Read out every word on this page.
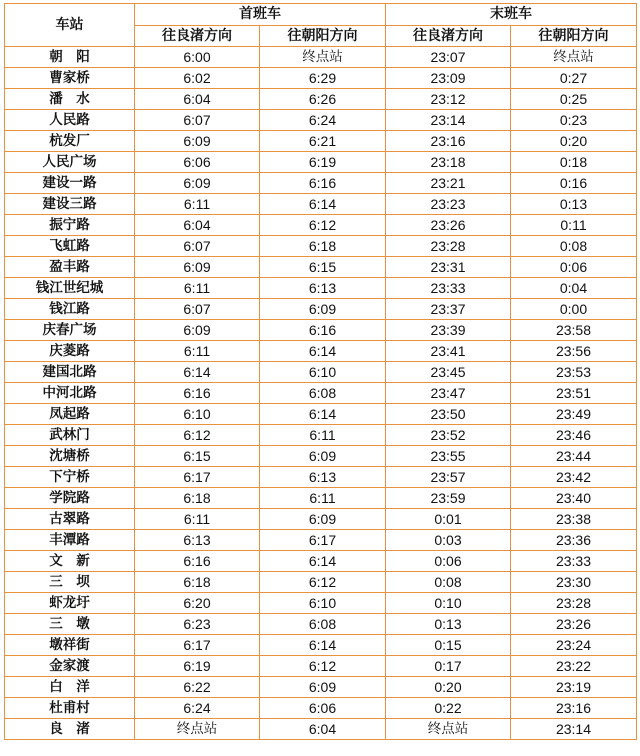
车站	首班车		末班车	
	往良渚方向	往朝阳方向	往良渚方向	往朝阳方向
朝　阳	6:00	终点站	23:07	终点站
曹家桥	6:02	6:29	23:09	0:27
潘　水	6:04	6:26	23:12	0:25
人民路	6:07	6:24	23:14	0:23
杭发厂	6:09	6:21	23:16	0:20
人民广场	6:06	6:19	23:18	0:18
建设一路	6:09	6:16	23:21	0:16
建设三路	6:11	6:14	23:23	0:13
振宁路	6:04	6:12	23:26	0:11
飞虹路	6:07	6:18	23:28	0:08
盈丰路	6:09	6:15	23:31	0:06
钱江世纪城	6:11	6:13	23:33	0:04
钱江路	6:07	6:09	23:37	0:00
庆春广场	6:09	6:16	23:39	23:58
庆菱路	6:11	6:14	23:41	23:56
建国北路	6:14	6:10	23:45	23:53
中河北路	6:16	6:08	23:47	23:51
凤起路	6:10	6:14	23:50	23:49
武林门	6:12	6:11	23:52	23:46
沈塘桥	6:15	6:09	23:55	23:44
下宁桥	6:17	6:13	23:57	23:42
学院路	6:18	6:11	23:59	23:40
古翠路	6:11	6:09	0:01	23:38
丰潭路	6:13	6:17	0:03	23:36
文　新	6:16	6:14	0:06	23:33
三　坝	6:18	6:12	0:08	23:30
虾龙圩	6:20	6:10	0:10	23:28
三　墩	6:23	6:08	0:13	23:26
墩祥街	6:17	6:14	0:15	23:24
金家渡	6:19	6:12	0:17	23:22
白　洋	6:22	6:09	0:20	23:19
杜甫村	6:24	6:06	0:22	23:16
良　渚	终点站	6:04	终点站	23:14
